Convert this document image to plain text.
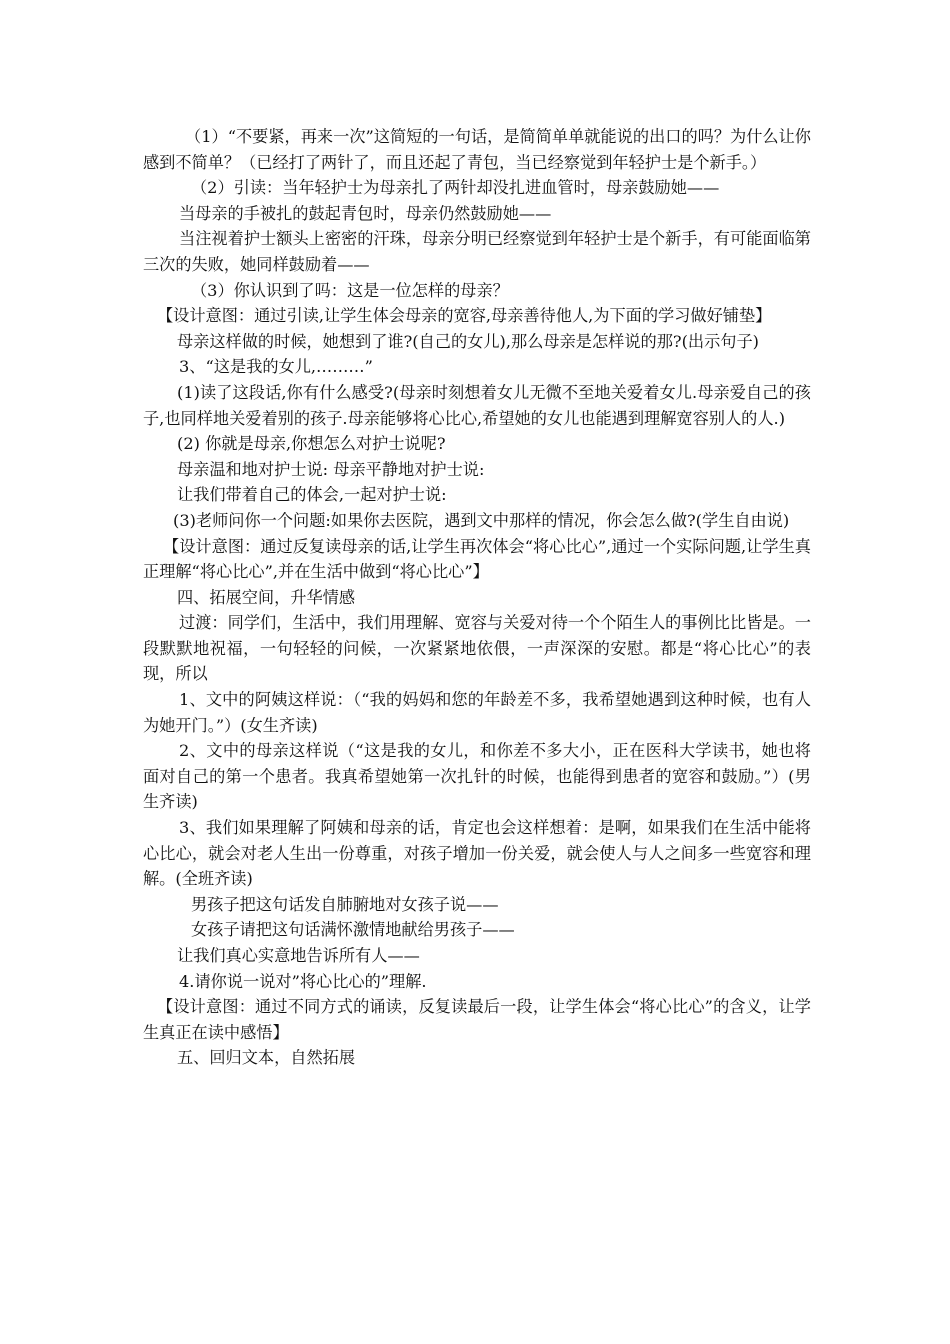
（1）“不要紧，再来一次”这简短的一句话，是简简单单就能说的出口的吗？为什么让你感到不简单？（已经打了两针了，而且还起了青包，当已经察觉到年轻护士是个新手。）

（2）引读：当年轻护士为母亲扎了两针却没扎进血管时，母亲鼓励她——

当母亲的手被扎的鼓起青包时，母亲仍然鼓励她——

当注视着护士额头上密密的汗珠，母亲分明已经察觉到年轻护士是个新手，有可能面临第三次的失败，她同样鼓励着——

（3）你认识到了吗：这是一位怎样的母亲？

【设计意图：通过引读,让学生体会母亲的宽容,母亲善待他人,为下面的学习做好铺垫】

母亲这样做的时候，她想到了谁?(自己的女儿),那么母亲是怎样说的那?(出示句子)

3、“这是我的女儿,………”

(1)读了这段话,你有什么感受?(母亲时刻想着女儿无微不至地关爱着女儿.母亲爱自己的孩子,也同样地关爱着别的孩子.母亲能够将心比心,希望她的女儿也能遇到理解宽容别人的人.)

(2) 你就是母亲,你想怎么对护士说呢?

母亲温和地对护士说: 母亲平静地对护士说:

让我们带着自己的体会,一起对护士说:

(3)老师问你一个问题:如果你去医院，遇到文中那样的情况，你会怎么做?(学生自由说)

【设计意图：通过反复读母亲的话,让学生再次体会“将心比心”,通过一个实际问题,让学生真正理解“将心比心”,并在生活中做到“将心比心”】

四、拓展空间，升华情感

过渡：同学们，生活中，我们用理解、宽容与关爱对待一个个陌生人的事例比比皆是。一段默默地祝福，一句轻轻的问候，一次紧紧地依偎，一声深深的安慰。都是“将心比心”的表现，所以

1、文中的阿姨这样说：（“我的妈妈和您的年龄差不多，我希望她遇到这种时候，也有人为她开门。”）(女生齐读)

2、文中的母亲这样说（“这是我的女儿，和你差不多大小，正在医科大学读书，她也将面对自己的第一个患者。我真希望她第一次扎针的时候，也能得到患者的宽容和鼓励。”）(男生齐读)

3、我们如果理解了阿姨和母亲的话，肯定也会这样想着：是啊，如果我们在生活中能将心比心，就会对老人生出一份尊重，对孩子增加一份关爱，就会使人与人之间多一些宽容和理解。(全班齐读)

男孩子把这句话发自肺腑地对女孩子说——

女孩子请把这句话满怀激情地献给男孩子——

让我们真心实意地告诉所有人——

4.请你说一说对”将心比心的”理解.

【设计意图：通过不同方式的诵读，反复读最后一段，让学生体会“将心比心”的含义，让学生真正在读中感悟】

五、回归文本，自然拓展
